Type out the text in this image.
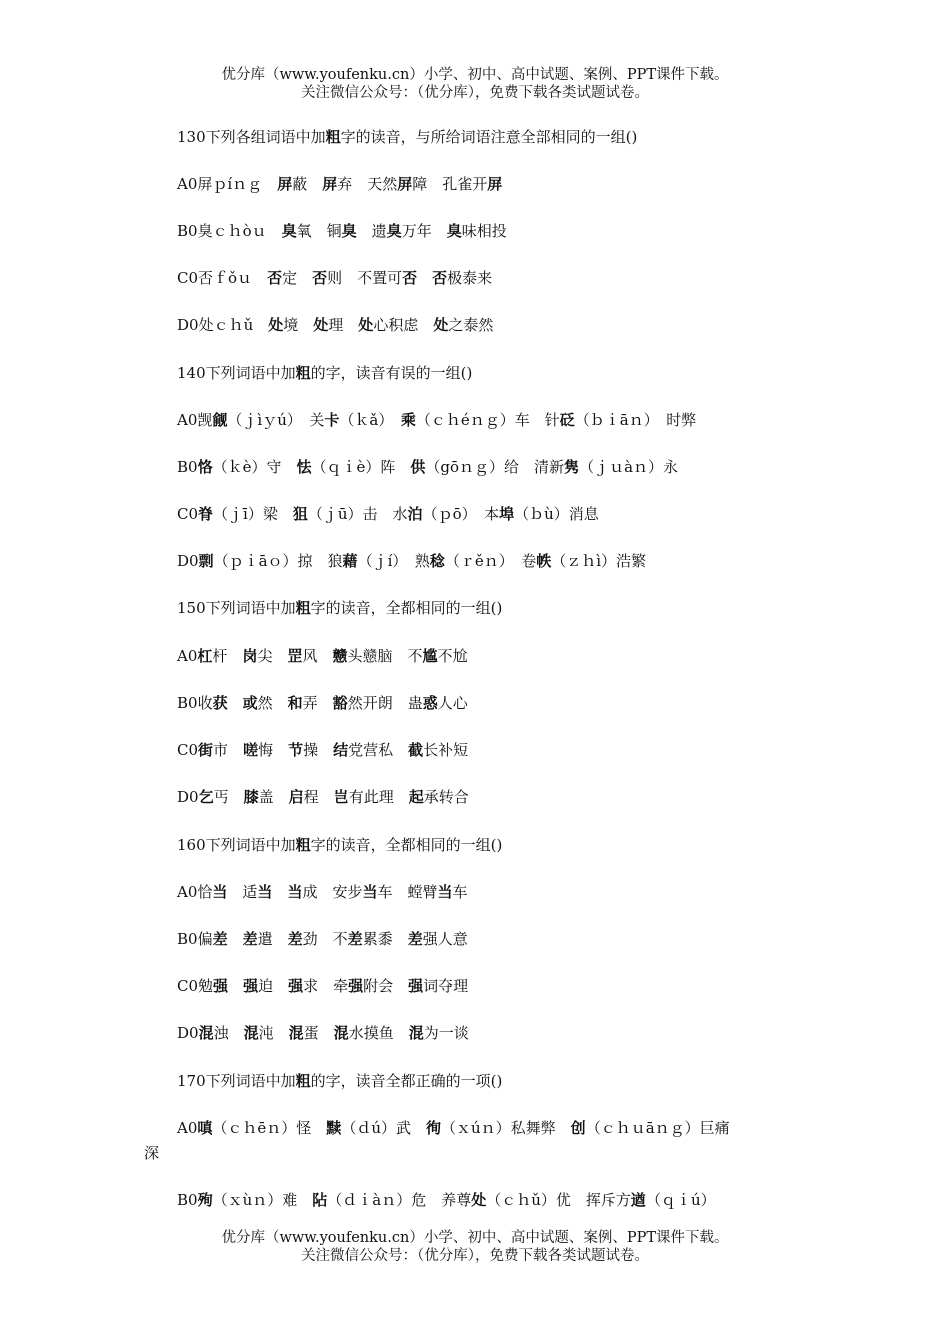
优分库（www.youfenku.cn）小学、初中、高中试题、案例、PPT课件下载。
关注微信公众号：（优分库），免费下载各类试题试卷。
130下列各组词语中加粗字的读音，与所给词语注意全部相同的一组()
A0屏ｐíｎｇ　屏蔽　屏弃　天然屏障　孔雀开屏
B0臭ｃｈòｕ　臭氧　铜臭　遗臭万年　臭味相投
C0否ｆǒｕ　否定　否则　不置可否　 否极泰来
D0处ｃｈǔ　处境　处理　处心积虑　处之泰然
140下列词语中加粗的字，读音有误的一组()
A0觊觎（ｊìｙú）　关卡（ｋǎ）　乘（ｃｈéｎｇ）车　针砭（ｂｉāｎ）　时弊
B0恪（ｋè）守　怯（ｑｉè）阵　供（gōｎｇ）给　清新隽（ｊｕàｎ）永
C0脊（ｊī）梁　狙（ｊū）击　水泊（ｐō）　本埠（ｂù）消息
D0剽（ｐｉāｏ）掠　狼藉（ｊí）　熟稔（ｒěｎ）　卷帙（ｚｈì）浩繁
150下列词语中加粗字的读音，全都相同的一组()
A0杠杆　岗尖　罡风　戆头戆脑　不尴不尬
B0收获　 或然　和弄　豁然开朗　蛊惑人心
C0街市　嗟悔　节操　结党营私　截长补短
D0乞丐　膝盖　启程　岂有此理　起承转合
160下列词语中加粗字的读音，全都相同的一组()
A0恰当　适当　 当成　安步当车　螳臂当车
B0偏差　 差遣　差劲　不差累黍　差强人意
C0勉强　 强迫　强求　牵强附会　强词夺理
D0混浊　混沌　混蛋　混水摸鱼　混为一谈
170下列词语中加粗的字，读音全都正确的一项()
A0嗔（ｃｈēｎ）怪　黩（ｄú）武　徇（ｘúｎ）私舞弊　创（ｃｈｕāｎｇ）巨痛
B0殉（ｘùｎ）难　阽（ｄｉàｎ）危　养尊处（ｃｈǔ）优　挥斥方遒（ｑｉú）
深
优分库（www.youfenku.cn）小学、初中、高中试题、案例、PPT课件下载。
关注微信公众号：（优分库），免费下载各类试题试卷。
